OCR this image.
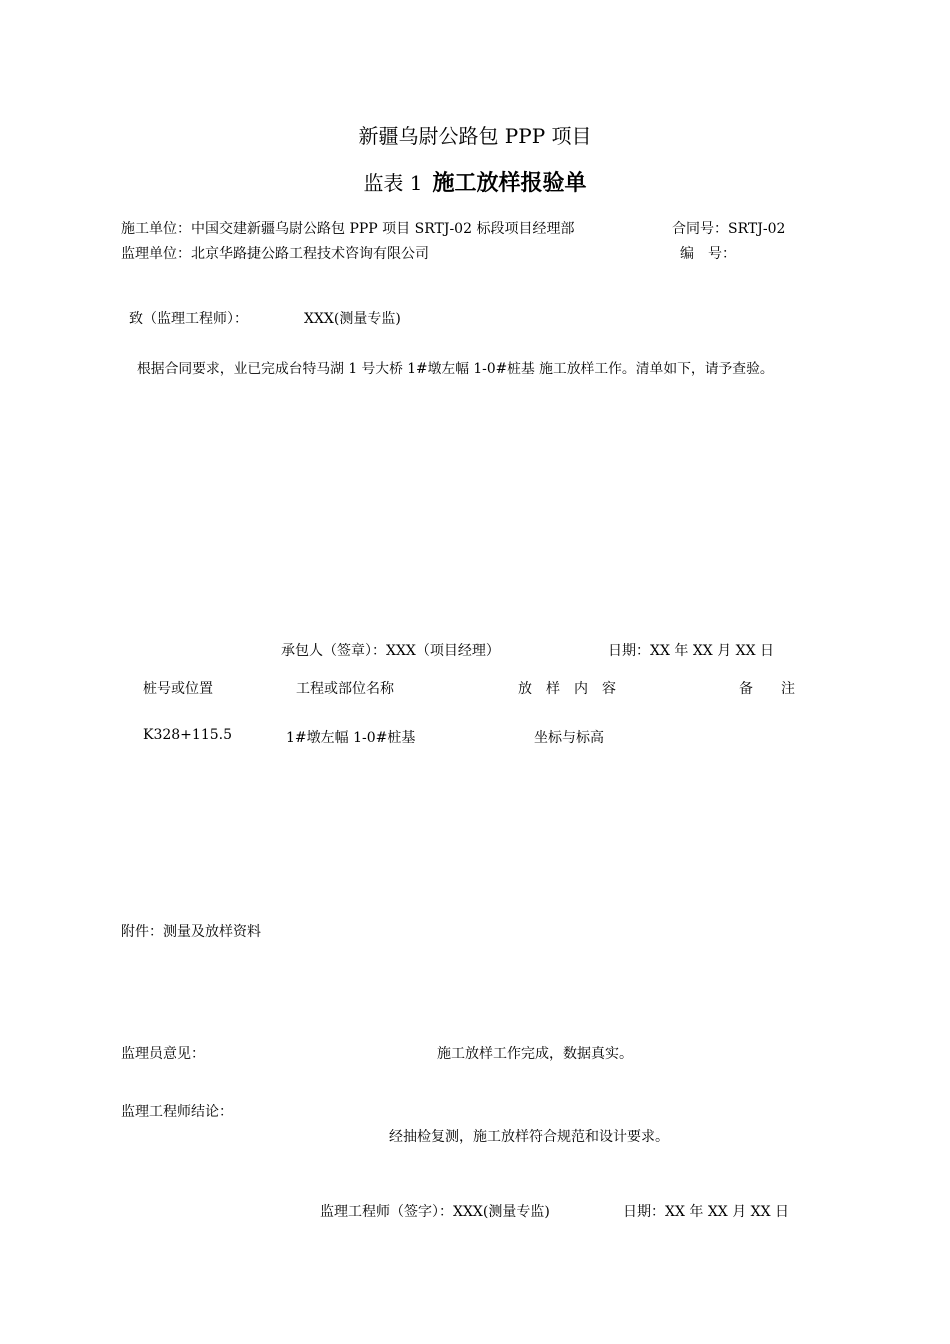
新疆乌尉公路包 PPP 项目
监表 1 施工放样报验单
施工单位：中国交建新疆乌尉公路包 PPP 项目 SRTJ-02 标段项目经理部	合同号：SRTJ-02
监理单位：北京华路捷公路工程技术咨询有限公司	编　号：
致（监理工程师）：	XXX(测量专监)
根据合同要求，业已完成台特马湖 1 号大桥 1#墩左幅 1-0#桩基 施工放样工作。清单如下，请予查验。
承包人（签章）：XXX（项目经理）	日期：XX 年 XX 月 XX 日
桩号或位置	工程或部位名称	放　样　内　容	备　　注
K328+115.5	1#墩左幅 1-0#桩基	坐标与标高
附件：测量及放样资料
监理员意见：	施工放样工作完成，数据真实。
监理工程师结论：
经抽检复测，施工放样符合规范和设计要求。
监理工程师（签字）：XXX(测量专监)	日期：XX 年 XX 月 XX 日
